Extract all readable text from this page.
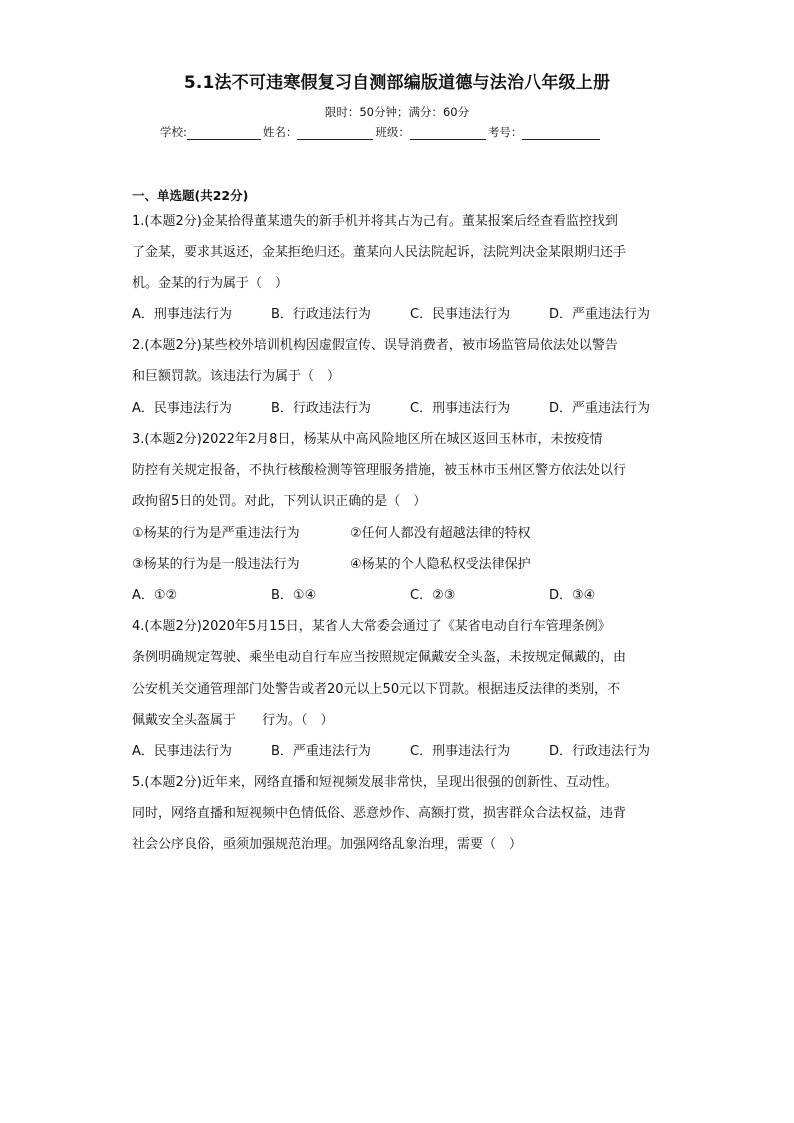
5.1法不可违寒假复习自测部编版道德与法治八年级上册
限时：50分钟；满分：60分
学校:	姓名：	班级：	考号：
一、单选题(共22分)
1.(本题2分)金某拾得董某遗失的新手机并将其占为己有。董某报案后经查看监控找到
了金某，要求其返还，金某拒绝归还。董某向人民法院起诉，法院判决金某限期归还手
机。金某的行为属于（　）
A．刑事违法行为	B．行政违法行为	C．民事违法行为	D．严重违法行为
2.(本题2分)某些校外培训机构因虚假宣传、误导消费者，被市场监管局依法处以警告
和巨额罚款。该违法行为属于（　）
A．民事违法行为	B．行政违法行为	C．刑事违法行为	D．严重违法行为
3.(本题2分)2022年2月8日，杨某从中高风险地区所在城区返回玉林市，未按疫情
防控有关规定报备，不执行核酸检测等管理服务措施，被玉林市玉州区警方依法处以行
政拘留5日的处罚。对此，下列认识正确的是（　）
①杨某的行为是严重违法行为	②任何人都没有超越法律的特权
③杨某的行为是一般违法行为	④杨某的个人隐私权受法律保护
A．①②	B．①④	C．②③	D．③④
4.(本题2分)2020年5月15日，某省人大常委会通过了《某省电动自行车管理条例》
条例明确规定驾驶、乘坐电动自行车应当按照规定佩戴安全头盔，未按规定佩戴的，由
公安机关交通管理部门处警告或者20元以上50元以下罚款。根据违反法律的类别，不
佩戴安全头盔属于　　行为。（　）
A．民事违法行为	B．严重违法行为	C．刑事违法行为	D．行政违法行为
5.(本题2分)近年来，网络直播和短视频发展非常快，呈现出很强的创新性、互动性。
同时，网络直播和短视频中色情低俗、恶意炒作、高额打赏，损害群众合法权益，违背
社会公序良俗，亟须加强规范治理。加强网络乱象治理，需要（　）
